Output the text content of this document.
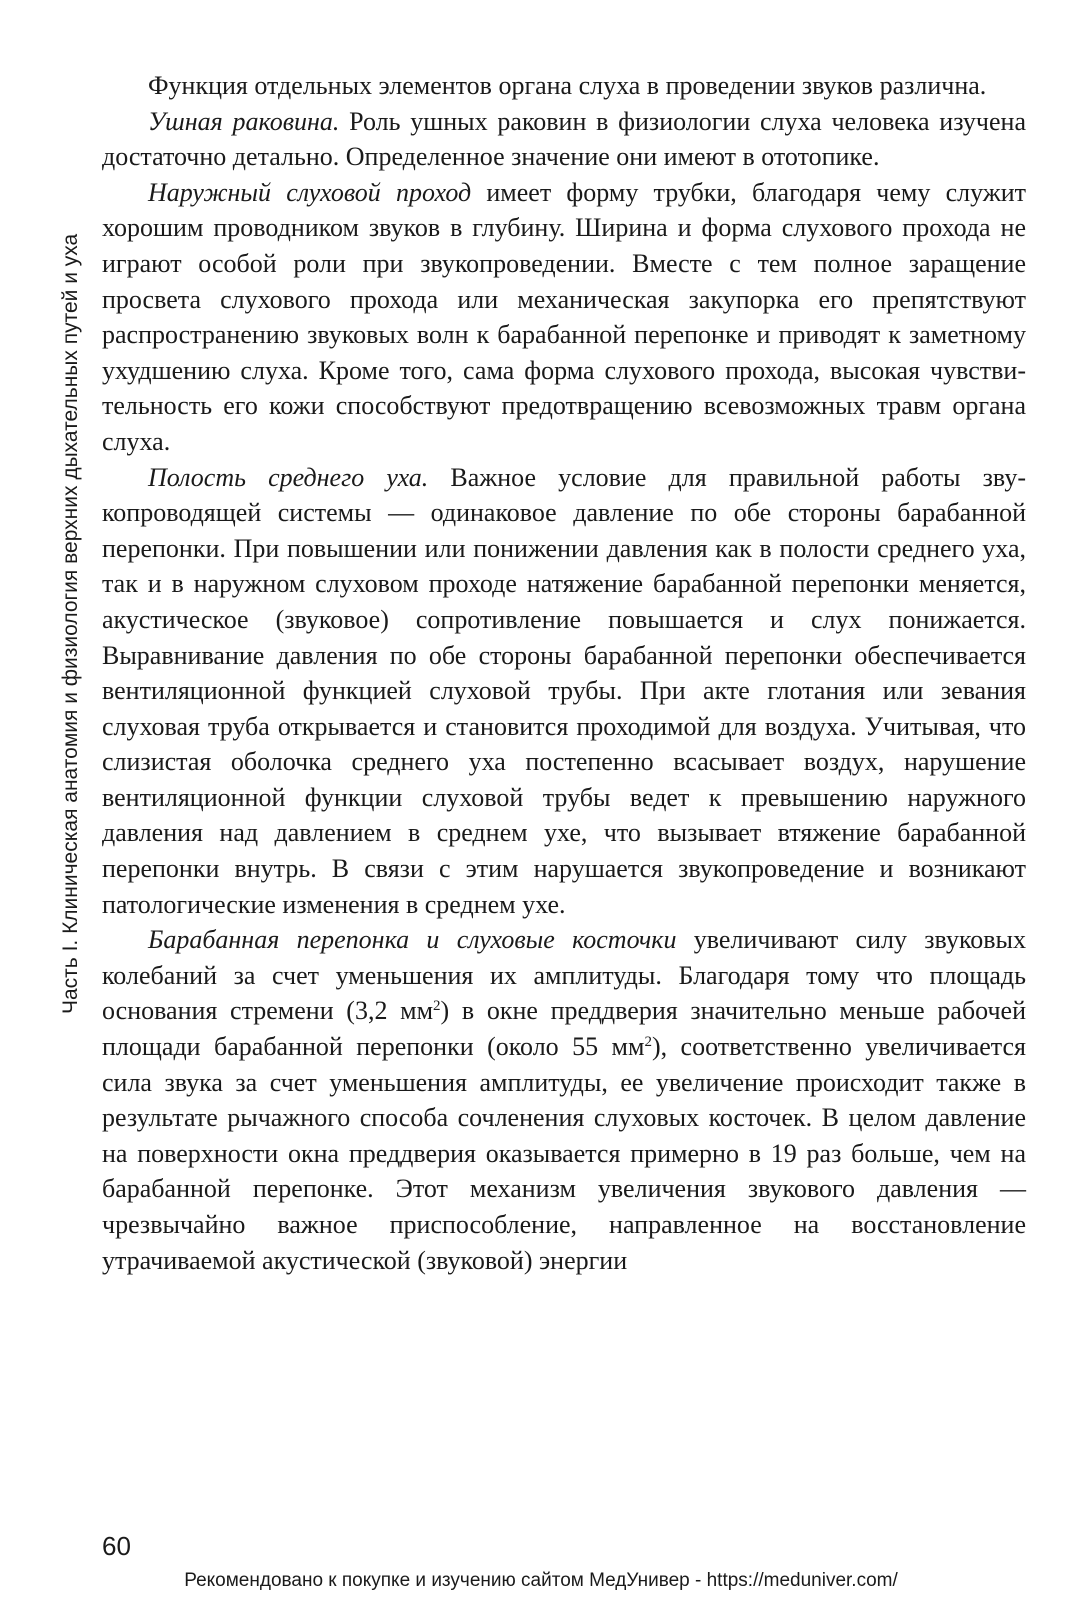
Часть I. Клиническая анатомия и физиология верхних дыхательных путей и уха

Функция отдельных элементов органа слуха в проведении звуков различна.

Ушная раковина. Роль ушных раковин в физиологии слуха человека изучена достаточно детально. Определенное значение они имеют в ототопике.

Наружный слуховой проход имеет форму трубки, благодаря чему служит хорошим проводником звуков в глубину. Ширина и форма слухового прохода не играют особой роли при звукопроведении. Вместе с тем полное заращение просвета слухового прохода или механическая закупорка его препятствуют распространению звуковых волн к барабанной перепонке и приводят к заметному ухудшению слуха. Кроме того, сама форма слухового прохода, высокая чувствительность его кожи способствуют предотвращению всевозможных травм органа слуха.

Полость среднего уха. Важное условие для правильной работы звукопроводящей системы — одинаковое давление по обе стороны барабанной перепонки. При повышении или понижении давления как в полости среднего уха, так и в наружном слуховом проходе натяжение барабанной перепонки меняется, акустическое (звуковое) сопротивление повышается и слух понижается. Выравнивание давления по обе стороны барабанной перепонки обеспечивается вентиляционной функцией слуховой трубы. При акте глотания или зевания слуховая труба открывается и становится проходимой для воздуха. Учитывая, что слизистая оболочка среднего уха постепенно всасывает воздух, нарушение вентиляционной функции слуховой трубы ведет к превышению наружного давления над давлением в среднем ухе, что вызывает втяжение барабанной перепонки внутрь. В связи с этим нарушается звукопроведение и возникают патологические изменения в среднем ухе.

Барабанная перепонка и слуховые косточки увеличивают силу звуковых колебаний за счет уменьшения их амплитуды. Благодаря тому что площадь основания стремени (3,2 $мм^2$) в окне преддверия значительно меньше рабочей площади барабанной перепонки (около 55 $мм^2$), соответственно увеличивается сила звука за счет уменьшения амплитуды, ее увеличение происходит также в результате рычажного способа сочленения слуховых косточек. В целом давление на поверхности окна преддверия оказывается примерно в 19 раз больше, чем на барабанной перепонке. Этот механизм увеличения звукового давления — чрезвычайно важное приспособление, направленное на восстановление утрачиваемой акустической (звуковой) энергии

60
Рекомендовано к покупке и изучению сайтом МедУнивер - https://meduniver.com/
